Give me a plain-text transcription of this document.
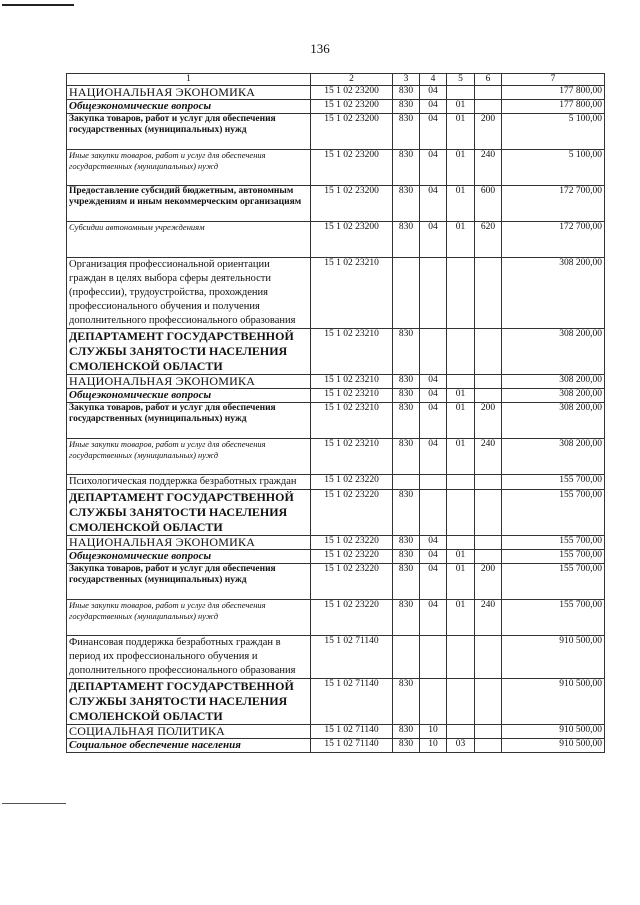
136
1	2	3	4	5	6	7
НАЦИОНАЛЬНАЯ ЭКОНОМИКА	15 1 02 23200	830	04			177 800,00
Общеэкономические вопросы	15 1 02 23200	830	04	01		177 800,00
Закупка товаров, работ и услуг для обеспечения государственных (муниципальных) нужд	15 1 02 23200	830	04	01	200	5 100,00
Иные закупки товаров, работ и услуг для обеспечения государственных (муниципальных) нужд	15 1 02 23200	830	04	01	240	5 100,00
Предоставление субсидий бюджетным, автономным учреждениям и иным некоммерческим организациям	15 1 02 23200	830	04	01	600	172 700,00
Субсидии автономным учреждениям	15 1 02 23200	830	04	01	620	172 700,00
Организация профессиональной ориентации граждан в целях выбора сферы деятельности (профессии), трудоустройства, прохождения профессионального обучения и получения дополнительного профессионального образования	15 1 02 23210					308 200,00
ДЕПАРТАМЕНТ ГОСУДАРСТВЕННОЙ СЛУЖБЫ ЗАНЯТОСТИ НАСЕЛЕНИЯ СМОЛЕНСКОЙ ОБЛАСТИ	15 1 02 23210	830				308 200,00
НАЦИОНАЛЬНАЯ ЭКОНОМИКА	15 1 02 23210	830	04			308 200,00
Общеэкономические вопросы	15 1 02 23210	830	04	01		308 200,00
Закупка товаров, работ и услуг для обеспечения государственных (муниципальных) нужд	15 1 02 23210	830	04	01	200	308 200,00
Иные закупки товаров, работ и услуг для обеспечения государственных (муниципальных) нужд	15 1 02 23210	830	04	01	240	308 200,00
Психологическая поддержка безработных граждан	15 1 02 23220					155 700,00
ДЕПАРТАМЕНТ ГОСУДАРСТВЕННОЙ СЛУЖБЫ ЗАНЯТОСТИ НАСЕЛЕНИЯ СМОЛЕНСКОЙ ОБЛАСТИ	15 1 02 23220	830				155 700,00
НАЦИОНАЛЬНАЯ ЭКОНОМИКА	15 1 02 23220	830	04			155 700,00
Общеэкономические вопросы	15 1 02 23220	830	04	01		155 700,00
Закупка товаров, работ и услуг для обеспечения государственных (муниципальных) нужд	15 1 02 23220	830	04	01	200	155 700,00
Иные закупки товаров, работ и услуг для обеспечения государственных (муниципальных) нужд	15 1 02 23220	830	04	01	240	155 700,00
Финансовая поддержка безработных граждан в период их профессионального обучения и дополнительного профессионального образования	15 1 02 71140					910 500,00
ДЕПАРТАМЕНТ ГОСУДАРСТВЕННОЙ СЛУЖБЫ ЗАНЯТОСТИ НАСЕЛЕНИЯ СМОЛЕНСКОЙ ОБЛАСТИ	15 1 02 71140	830				910 500,00
СОЦИАЛЬНАЯ ПОЛИТИКА	15 1 02 71140	830	10			910 500,00
Социальное обеспечение населения	15 1 02 71140	830	10	03		910 500,00
